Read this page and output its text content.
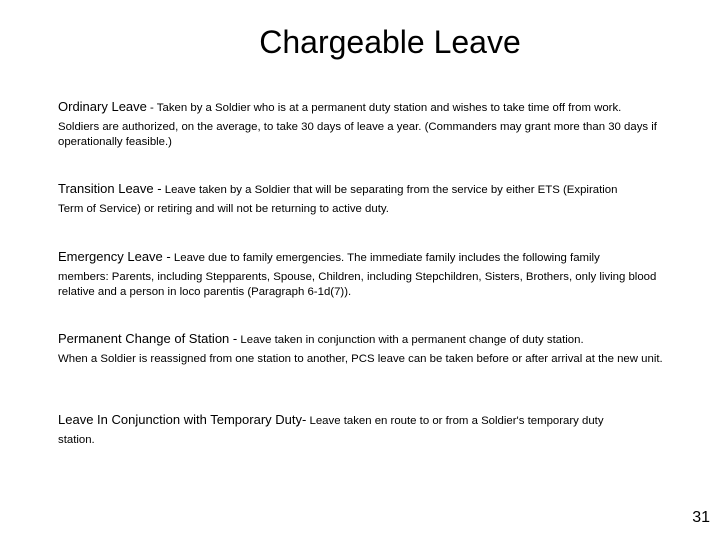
Chargeable Leave
Ordinary Leave - Taken by a Soldier who is at a permanent duty station and wishes to take time off from work.
Soldiers are authorized, on the average, to take 30 days of leave a year. (Commanders may grant more than 30 days if operationally feasible.)
Transition Leave - Leave taken by a Soldier that will be separating from the service by either ETS (Expiration
Term of Service) or retiring and will not be returning to active duty.
Emergency Leave - Leave due to family emergencies. The immediate family includes the following family
members: Parents, including Stepparents, Spouse, Children, including Stepchildren, Sisters, Brothers, only living blood relative and a person in loco parentis (Paragraph 6-1d(7)).
Permanent Change of Station - Leave taken in conjunction with a permanent change of duty station.
When a Soldier is reassigned from one station to another, PCS leave can be taken before or after arrival at the new unit.
Leave In Conjunction with Temporary Duty- Leave taken en route to or from a Soldier's temporary duty
station.
31
